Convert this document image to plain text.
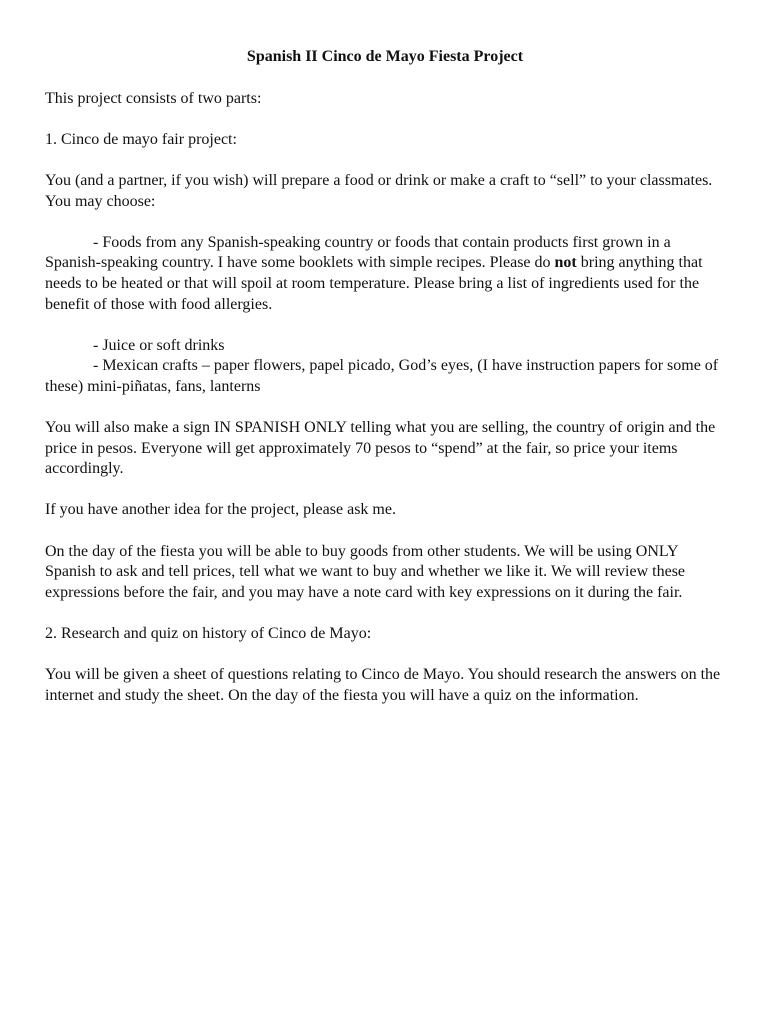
Spanish II Cinco de Mayo Fiesta Project

This project consists of two parts:

1. Cinco de mayo fair project:

You (and a partner, if you wish) will prepare a food or drink or make a craft to “sell” to your classmates. You may choose:

- Foods from any Spanish-speaking country or foods that contain products first grown in a Spanish-speaking country. I have some booklets with simple recipes. Please do not bring anything that needs to be heated or that will spoil at room temperature. Please bring a list of ingredients used for the benefit of those with food allergies.

- Juice or soft drinks

- Mexican crafts – paper flowers, papel picado, God’s eyes, (I have instruction papers for some of these) mini-piñatas, fans, lanterns

You will also make a sign IN SPANISH ONLY telling what you are selling, the country of origin and the price in pesos. Everyone will get approximately 70 pesos to “spend” at the fair, so price your items accordingly.

If you have another idea for the project, please ask me.

On the day of the fiesta you will be able to buy goods from other students. We will be using ONLY Spanish to ask and tell prices, tell what we want to buy and whether we like it. We will review these expressions before the fair, and you may have a note card with key expressions on it during the fair.

2. Research and quiz on history of Cinco de Mayo:

You will be given a sheet of questions relating to Cinco de Mayo. You should research the answers on the internet and study the sheet. On the day of the fiesta you will have a quiz on the information.
